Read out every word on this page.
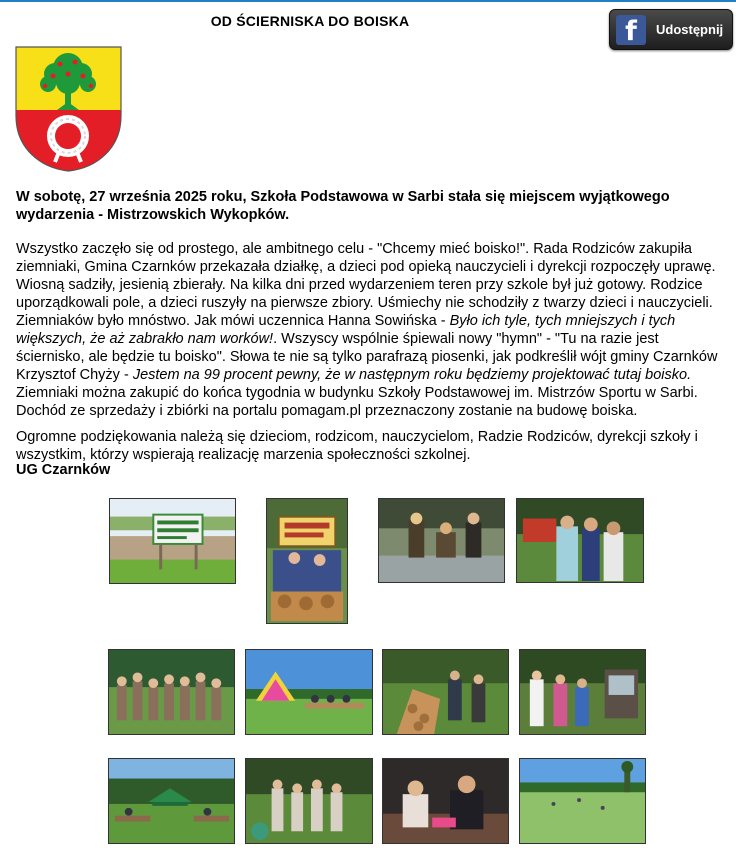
OD ŚCIERNISKA DO BOISKA	f	Udostępnij
W sobotę, 27 września 2025 roku, Szkoła Podstawowa w Sarbi stała się miejscem wyjątkowego wydarzenia - Mistrzowskich Wykopków.

Wszystko zaczęło się od prostego, ale ambitnego celu - "Chcemy mieć boisko!". Rada Rodziców zakupiła ziemniaki, Gmina Czarnków przekazała działkę, a dzieci pod opieką nauczycieli i dyrekcji rozpoczęły uprawę. Wiosną sadziły, jesienią zbierały. Na kilka dni przed wydarzeniem teren przy szkole był już gotowy. Rodzice uporządkowali pole, a dzieci ruszyły na pierwsze zbiory. Uśmiechy nie schodziły z twarzy dzieci i nauczycieli. Ziemniaków było mnóstwo. Jak mówi uczennica Hanna Sowińska - Było ich tyle, tych mniejszych i tych większych, że aż zabrakło nam worków!. Wszyscy wspólnie śpiewali nowy "hymn" - "Tu na razie jest ściernisko, ale będzie tu boisko". Słowa te nie są tylko parafrazą piosenki, jak podkreślił wójt gminy Czarnków Krzysztof Chyży - Jestem na 99 procent pewny, że w następnym roku będziemy projektować tutaj boisko. Ziemniaki można zakupić do końca tygodnia w budynku Szkoły Podstawowej im. Mistrzów Sportu w Sarbi. Dochód ze sprzedaży i zbiórki na portalu pomagam.pl przeznaczony zostanie na budowę boiska.

Ogromne podziękowania należą się dzieciom, rodzicom, nauczycielom, Radzie Rodziców, dyrekcji szkoły i wszystkim, którzy wspierają realizację marzenia społeczności szkolnej.

UG Czarnków
